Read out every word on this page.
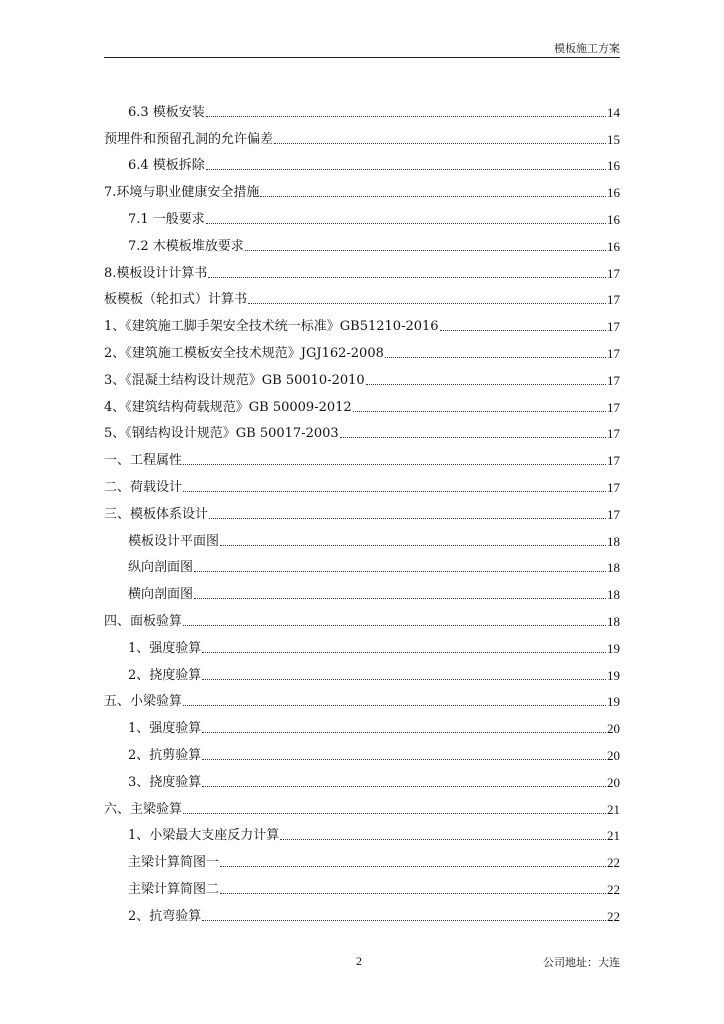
模板施工方案
6.3 模板安装	14
预埋件和预留孔洞的允许偏差	15
6.4 模板拆除	16
7.环境与职业健康安全措施	16
7.1 一般要求	16
7.2 木模板堆放要求	16
8.模板设计计算书	17
板模板（轮扣式）计算书	17
1、《建筑施工脚手架安全技术统一标准》GB51210-2016	17
2、《建筑施工模板安全技术规范》JGJ162-2008	17
3、《混凝土结构设计规范》GB 50010-2010	17
4、《建筑结构荷载规范》GB 50009-2012	17
5、《钢结构设计规范》GB 50017-2003	17
一、工程属性	17
二、荷载设计	17
三、模板体系设计	17
模板设计平面图	18
纵向剖面图	18
横向剖面图	18
四、面板验算	18
1、强度验算	19
2、挠度验算	19
五、小梁验算	19
1、强度验算	20
2、抗剪验算	20
3、挠度验算	20
六、主梁验算	21
1、小梁最大支座反力计算	21
主梁计算简图一	22
主梁计算简图二	22
2、抗弯验算	22
2	公司地址：大连
